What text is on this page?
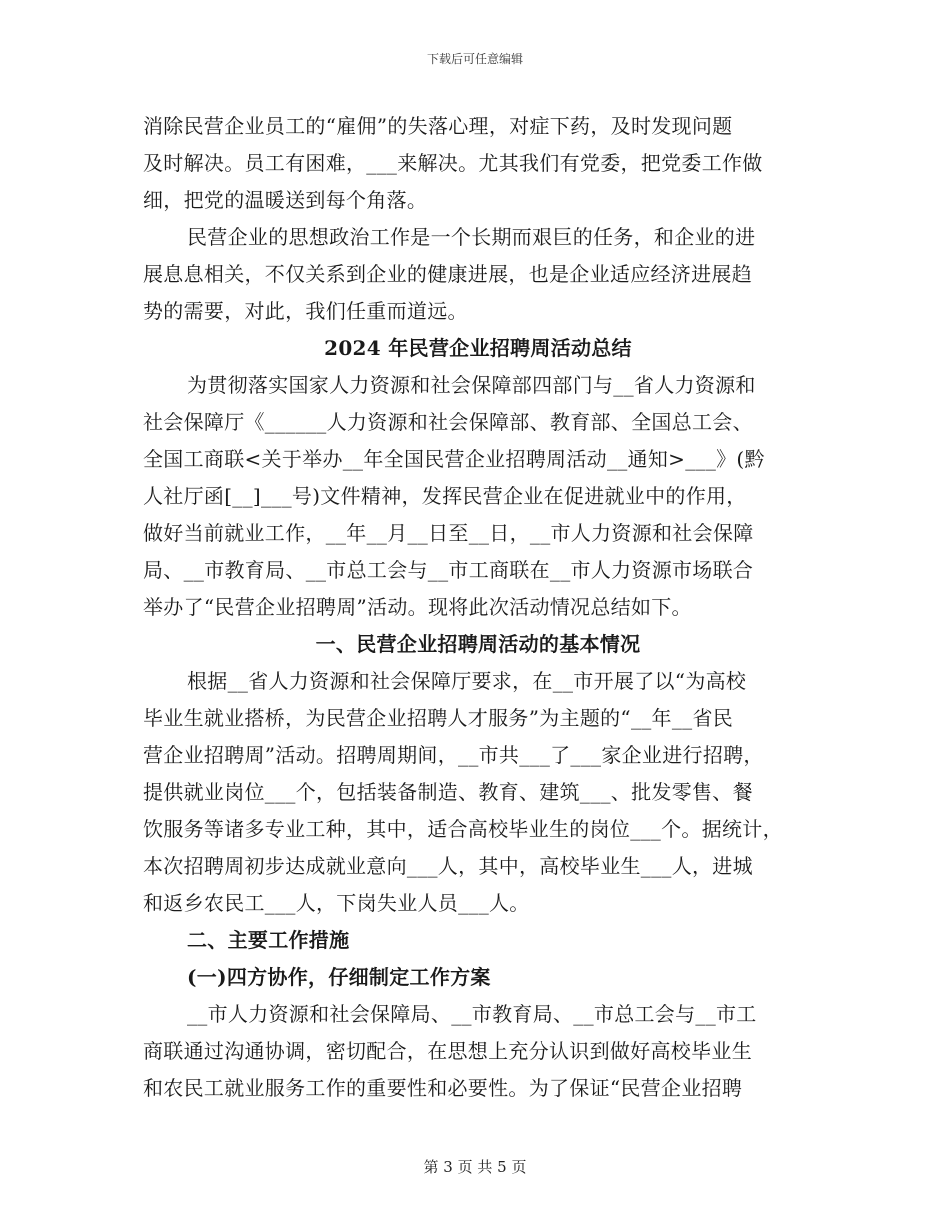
下载后可任意编辑
消除民营企业员工的“雇佣”的失落心理，对症下药，及时发现问题
及时解决。员工有困难，___来解决。尤其我们有党委，把党委工作做
细，把党的温暖送到每个角落。
民营企业的思想政治工作是一个长期而艰巨的任务，和企业的进
展息息相关，不仅关系到企业的健康进展，也是企业适应经济进展趋
势的需要，对此，我们任重而道远。
2024 年民营企业招聘周活动总结
为贯彻落实国家人力资源和社会保障部四部门与__省人力资源和
社会保障厅《______人力资源和社会保障部、教育部、全国总工会、
全国工商联<关于举办__年全国民营企业招聘周活动__通知>___》(黔
人社厅函[__]___号)文件精神，发挥民营企业在促进就业中的作用，
做好当前就业工作，__年__月__日至__日，__市人力资源和社会保障
局、__市教育局、__市总工会与__市工商联在__市人力资源市场联合
举办了“民营企业招聘周”活动。现将此次活动情况总结如下。
一、民营企业招聘周活动的基本情况
根据__省人力资源和社会保障厅要求，在__市开展了以“为高校
毕业生就业搭桥，为民营企业招聘人才服务”为主题的“__年__省民
营企业招聘周”活动。招聘周期间，__市共___了___家企业进行招聘，
提供就业岗位___个，包括装备制造、教育、建筑___、批发零售、餐
饮服务等诸多专业工种，其中，适合高校毕业生的岗位___个。据统计，
本次招聘周初步达成就业意向___人，其中，高校毕业生___人，进城
和返乡农民工___人，下岗失业人员___人。
二、主要工作措施
(一)四方协作，仔细制定工作方案
__市人力资源和社会保障局、__市教育局、__市总工会与__市工
商联通过沟通协调，密切配合，在思想上充分认识到做好高校毕业生
和农民工就业服务工作的重要性和必要性。为了保证“民营企业招聘
第 3 页 共 5 页
